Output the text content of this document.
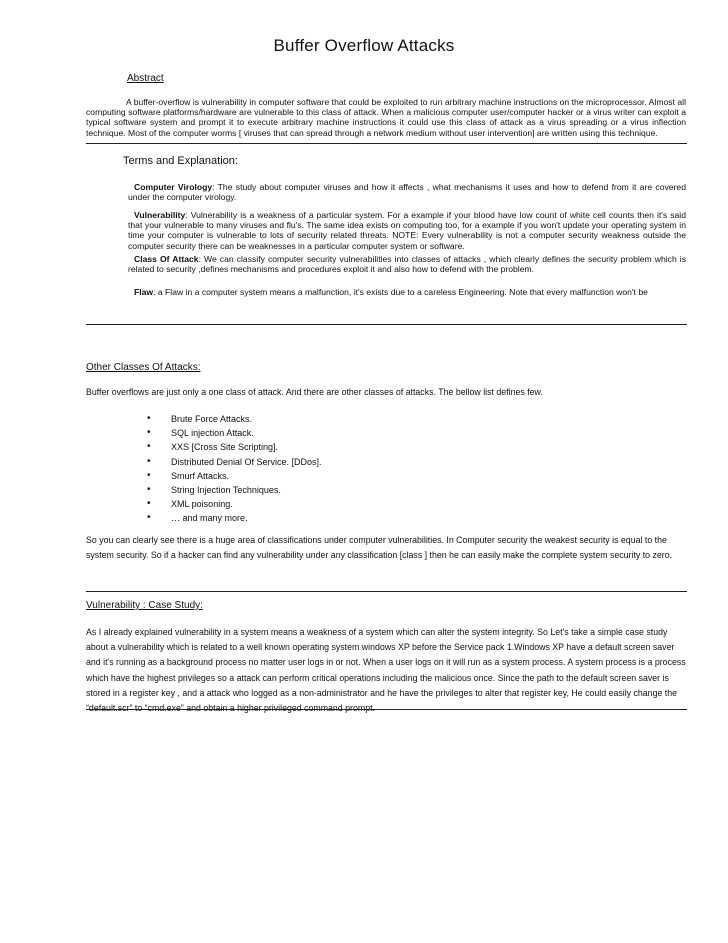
Buffer Overflow Attacks
Abstract
A buffer-overflow is vulnerability in computer software that could be exploited to run arbitrary machine instructions on the microprocessor. Almost all computing software platforms/hardware are vulnerable to this class of attack. When a malicious computer user/computer hacker or a virus writer can exploit a typical software system and prompt it to execute arbitrary machine instructions it could use this class of attack as a virus spreading or a virus inflection technique. Most of the computer worms [ viruses that can spread through a network medium without user intervention] are written using this technique.
Terms and Explanation:
Computer Virology: The study about computer viruses and how it affects , what mechanisms it uses and how to defend from it are covered under the computer virology.
Vulnerability: Vulnerability is a weakness of a particular system. For a example if your blood have low count of white cell counts then it's said that your vulnerable to many viruses and flu's. The same idea exists on computing too, for a example if you won't update your operating system in time your computer is vulnerable to lots of security related threats. NOTE: Every vulnerability is not a computer security weakness outside the computer security there can be weaknesses in a particular computer system or software.
Class Of Attack: We can classify computer security vulnerabilities into classes of attacks , which clearly defines the security problem which is related to security ,defines mechanisms and procedures exploit it and also how to defend with the problem.
Flaw: a Flaw in a computer system means a malfunction, it's exists due to a careless Engineering. Note that every malfunction won't be
Other Classes Of Attacks:
Buffer overflows are just only a one class of attack. And there are other classes of attacks. The bellow list defines few.
• Brute Force Attacks.
• SQL injection Attack.
• XXS [Cross Site Scripting].
• Distributed Denial Of Service. [DDos].
• Smurf Attacks.
• String Injection Techniques.
• XML poisoning.
• … and many more.
So you can clearly see there is a huge area of classifications under computer vulnerabilities. In Computer security the weakest security is equal to the system security. So if a hacker can find any vulnerability under any classification [class ] then he can easily make the complete system security to zero.
Vulnerability : Case Study:
As I already explained vulnerability in a system means a weakness of a system which can alter the system integrity. So Let's take a simple case study about a vulnerability which is related to a well known operating system windows XP before the Service pack 1.Windows XP have a default screen saver and it's running as a background process no matter user logs in or not. When a user logs on it will run as a system process. A system process is a process which have the highest privileges so a attack can perform critical operations including the malicious once. Since the path to the default screen saver is stored in a register key , and a attack who logged as a non-administrator and he have the privileges to alter that register key, He could easily change the
